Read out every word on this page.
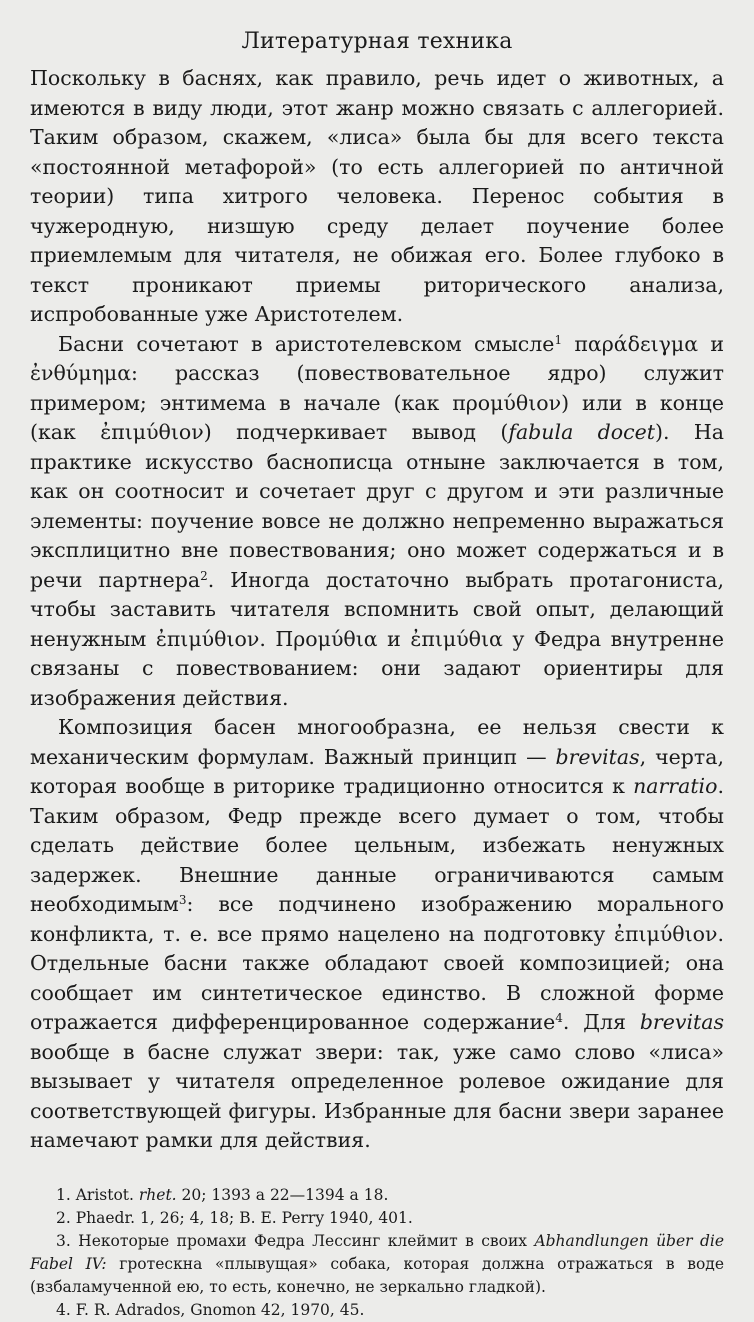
Литературная техника

Поскольку в баснях, как правило, речь идет о животных, а имеются в виду люди, этот жанр можно связать с аллегорией. Таким образом, скажем, «лиса» была бы для всего текста «постоянной метафорой» (то есть аллегорией по античной теории) типа хитрого человека. Перенос события в чужеродную, низшую среду делает поучение более приемлемым для читателя, не обижая его. Более глубоко в текст проникают приемы риторического анализа, испробованные уже Аристотелем.

Басни сочетают в аристотелевском смысле$^1$ παράδειγμα и ἐνθύμημα: рассказ (повествовательное ядро) служит примером; энтимема в начале (как προμύθιον) или в конце (как ἐπιμύθιον) подчеркивает вывод (fabula docet). На практике искусство баснописца отныне заключается в том, как он соотносит и сочетает друг с другом и эти различные элементы: поучение вовсе не должно непременно выражаться эксплицитно вне повествования; оно может содержаться и в речи партнера$^2$. Иногда достаточно выбрать протагониста, чтобы заставить читателя вспомнить свой опыт, делающий ненужным ἐπιμύθιον. Προμύθια и ἐπιμύθια у Федра внутренне связаны с повествованием: они задают ориентиры для изображения действия.

Композиция басен многообразна, ее нельзя свести к механическим формулам. Важный принцип — brevitas, черта, которая вообще в риторике традиционно относится к narratio. Таким образом, Федр прежде всего думает о том, чтобы сделать действие более цельным, избежать ненужных задержек. Внешние данные ограничиваются самым необходимым$^3$: все подчинено изображению морального конфликта, т. е. все прямо нацелено на подготовку ἐπιμύθιον. Отдельные басни также обладают своей композицией; она сообщает им синтетическое единство. В сложной форме отражается дифференцированное содержание$^4$. Для brevitas вообще в басне служат звери: так, уже само слово «лиса» вызывает у читателя определенное ролевое ожидание для соответствующей фигуры. Избранные для басни звери заранее намечают рамки для действия.

1. Aristot. rhet. 20; 1393 a 22—1394 a 18.

2. Phaedr. 1, 26; 4, 18; B. E. Perry 1940, 401.

3. Некоторые промахи Федра Лессинг клеймит в своих Abhandlungen über die Fabel IV: гротескна «плывущая» собака, которая должна отражаться в воде (взбаламученной ею, то есть, конечно, не зеркально гладкой).

4. F. R. Adrados, Gnomon 42, 1970, 45.
